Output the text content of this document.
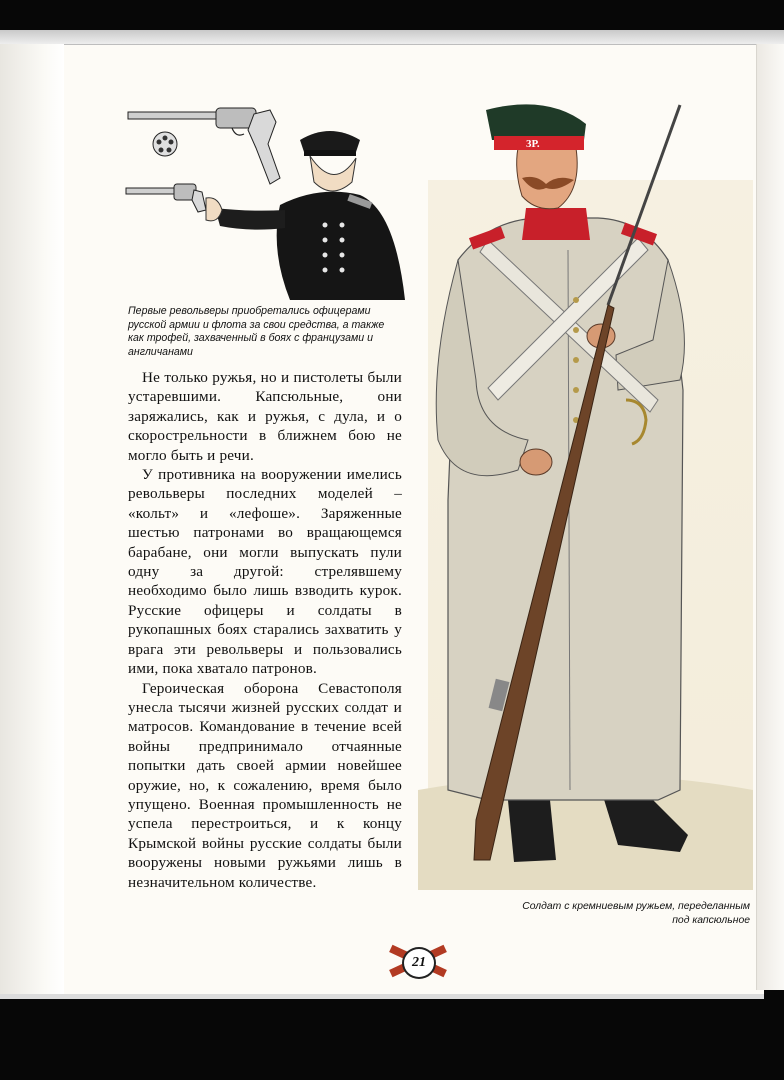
Первые револьверы приобретались офицерами русской армии и флота за свои средства, а также как трофей, захваченный в боях с французами и англичанами

Не только ружья, но и пистолеты были устаревшими. Капсюльные, они заряжались, как и ружья, с дула, и о скорострельности в ближнем бою не могло быть и речи.

У противника на вооружении имелись револьверы последних моделей – «кольт» и «лефоше». Заряженные шестью патронами во вращающемся барабане, они могли выпускать пули одну за другой: стрелявшему необходимо было лишь взводить курок. Русские офицеры и солдаты в рукопашных боях старались захватить у врага эти револьверы и пользовались ими, пока хватало патронов.

Героическая оборона Севастополя унесла тысячи жизней русских солдат и матросов. Командование в течение всей войны предпринимало отчаянные попытки дать своей армии новейшее оружие, но, к сожалению, время было упущено. Военная промышленность не успела перестроиться, и к концу Крымской войны русские солдаты были вооружены новыми ружьями лишь в незначительном количестве.

3Р.
Солдат с кремниевым ружьем, переделанным под капсюльное
21
